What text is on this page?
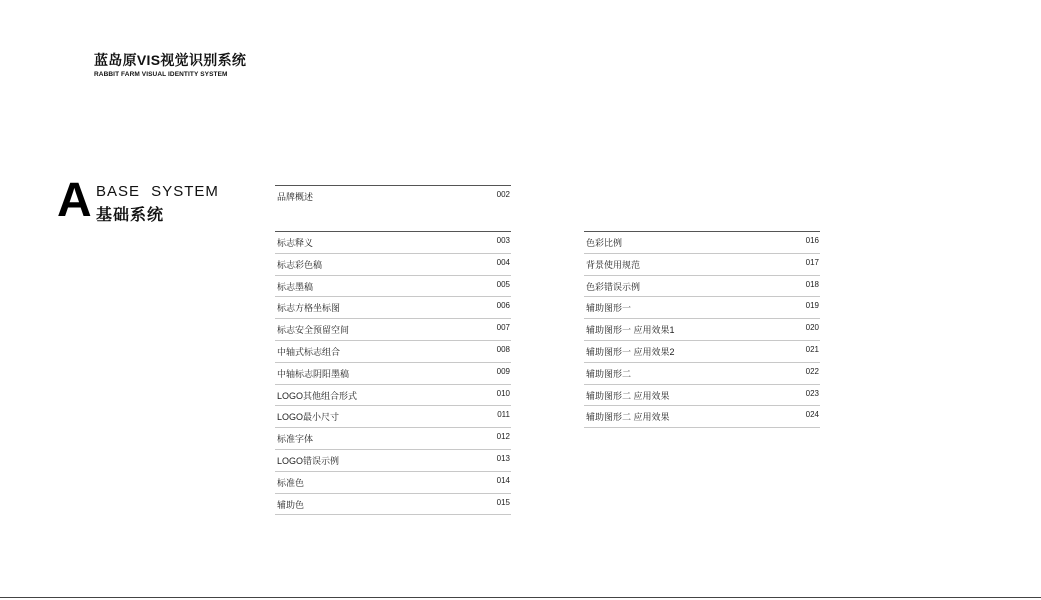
蓝岛原VIS视觉识别系统
RABBIT FARM VISUAL IDENTITY SYSTEM
A BASE SYSTEM
基础系统
品牌概述	002
标志释义	003
标志彩色稿	004
标志墨稿	005
标志方格坐标图	006
标志安全预留空间	007
中轴式标志组合	008
中轴标志阴阳墨稿	009
LOGO其他组合形式	010
LOGO最小尺寸	011
标准字体	012
LOGO错误示例	013
标准色	014
辅助色	015
色彩比例	016
背景使用规范	017
色彩错误示例	018
辅助图形一	019
辅助图形一 应用效果1	020
辅助图形一 应用效果2	021
辅助图形二	022
辅助图形二 应用效果	023
辅助图形二 应用效果	024
